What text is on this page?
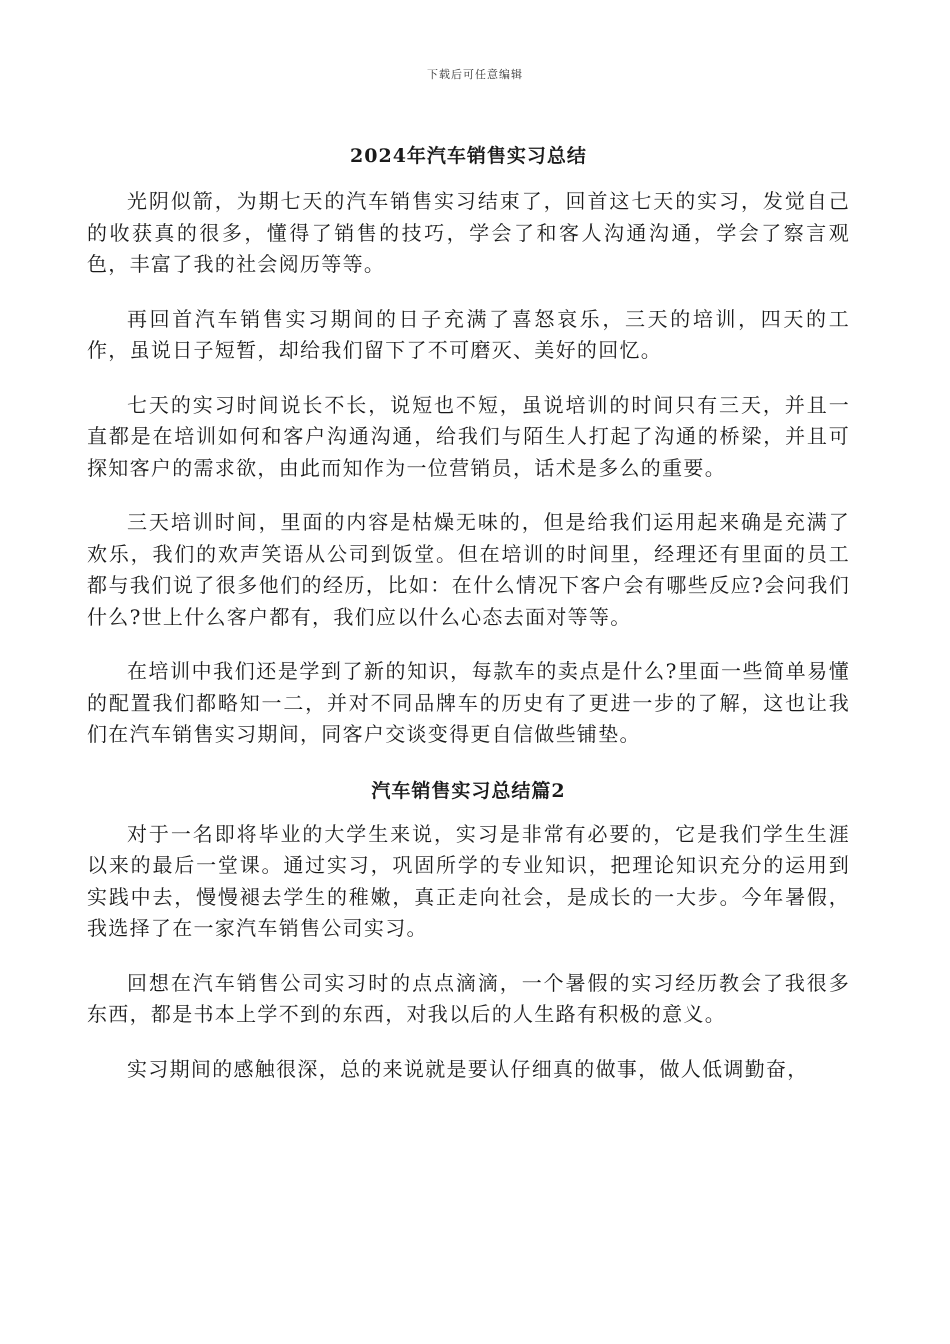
下载后可任意编辑
2024年汽车销售实习总结

光阴似箭，为期七天的汽车销售实习结束了，回首这七天的实习，发觉自己的收获真的很多，懂得了销售的技巧，学会了和客人沟通沟通，学会了察言观色，丰富了我的社会阅历等等。

再回首汽车销售实习期间的日子充满了喜怒哀乐，三天的培训，四天的工作，虽说日子短暂，却给我们留下了不可磨灭、美好的回忆。

七天的实习时间说长不长，说短也不短，虽说培训的时间只有三天，并且一直都是在培训如何和客户沟通沟通，给我们与陌生人打起了沟通的桥梁，并且可探知客户的需求欲，由此而知作为一位营销员，话术是多么的重要。

三天培训时间，里面的内容是枯燥无味的，但是给我们运用起来确是充满了欢乐，我们的欢声笑语从公司到饭堂。但在培训的时间里，经理还有里面的员工都与我们说了很多他们的经历，比如：在什么情况下客户会有哪些反应?会问我们什么?世上什么客户都有，我们应以什么心态去面对等等。

在培训中我们还是学到了新的知识，每款车的卖点是什么?里面一些简单易懂的配置我们都略知一二，并对不同品牌车的历史有了更进一步的了解，这也让我们在汽车销售实习期间，同客户交谈变得更自信做些铺垫。

汽车销售实习总结篇2

对于一名即将毕业的大学生来说，实习是非常有必要的，它是我们学生生涯以来的最后一堂课。通过实习，巩固所学的专业知识，把理论知识充分的运用到实践中去，慢慢褪去学生的稚嫩，真正走向社会，是成长的一大步。今年暑假，我选择了在一家汽车销售公司实习。

回想在汽车销售公司实习时的点点滴滴，一个暑假的实习经历教会了我很多东西，都是书本上学不到的东西，对我以后的人生路有积极的意义。

实习期间的感触很深，总的来说就是要认仔细真的做事，做人低调勤奋，
